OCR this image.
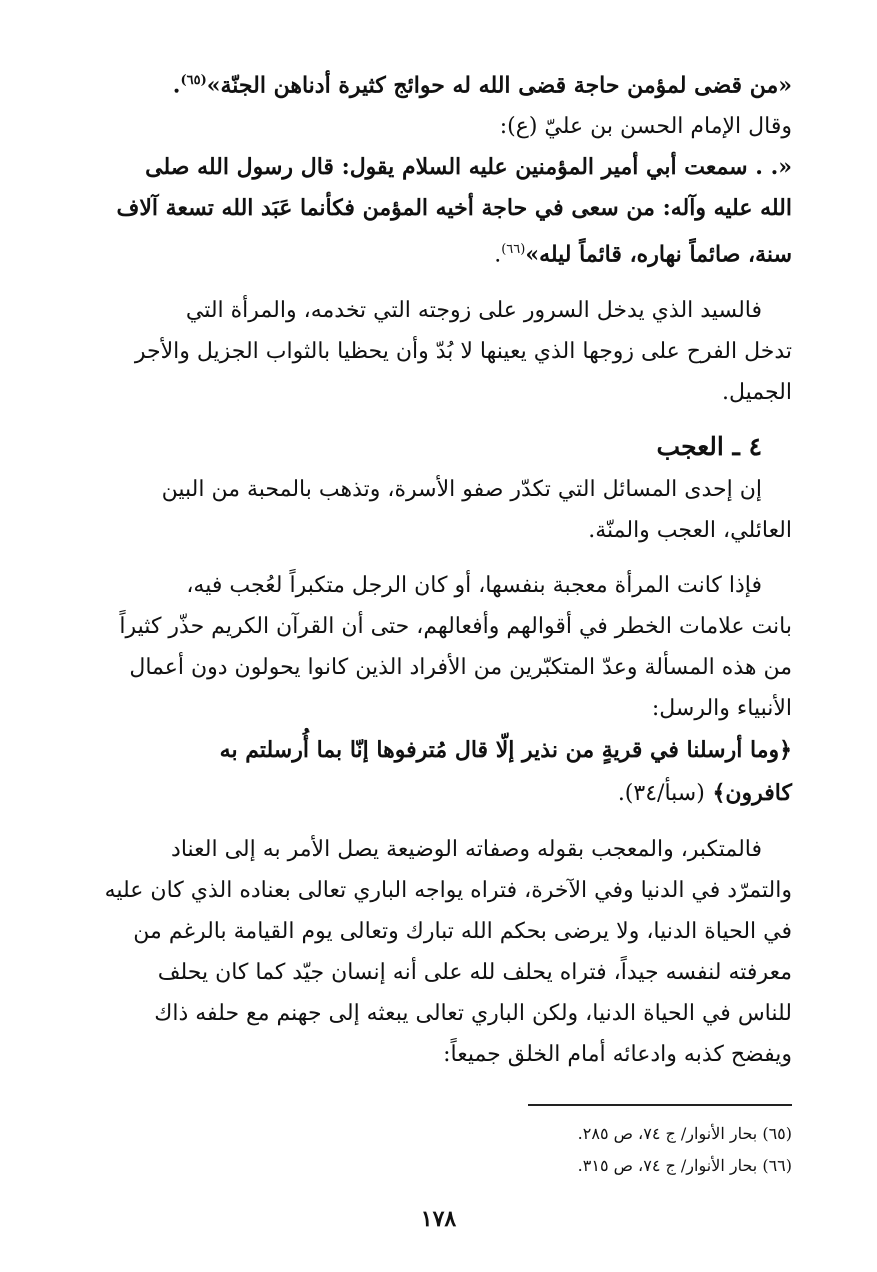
«من قضى لمؤمن حاجة قضى الله له حوائج كثيرة أدناهن الجنّة»$^{(٦٥)}$.
وقال الإمام الحسن بن عليّ (ع):
«. . سمعت أبي أمير المؤمنين عليه السلام يقول: قال رسول الله صلى
الله عليه وآله: من سعى في حاجة أخيه المؤمن فكأنما عَبَد الله تسعة آلاف
سنة، صائماً نهاره، قائماً ليله»$^{(٦٦)}$.
فالسيد الذي يدخل السرور على زوجته التي تخدمه، والمرأة التي
تدخل الفرح على زوجها الذي يعينها لا بُدّ وأن يحظيا بالثواب الجزيل والأجر
الجميل.
٤ ـ العجب
إن إحدى المسائل التي تكدّر صفو الأسرة، وتذهب بالمحبة من البين
العائلي، العجب والمنّة.
فإذا كانت المرأة معجبة بنفسها، أو كان الرجل متكبراً لعُجب فيه،
بانت علامات الخطر في أقوالهم وأفعالهم، حتى أن القرآن الكريم حذّر كثيراً
من هذه المسألة وعدّ المتكبّرين من الأفراد الذين كانوا يحولون دون أعمال
الأنبياء والرسل:
﴿وما أرسلنا في قريةٍ من نذير إلّا قال مُترفوها إنّا بما أُرسلتم به
كافرون﴾ (سبأ/٣٤).
فالمتكبر، والمعجب بقوله وصفاته الوضيعة يصل الأمر به إلى العناد
والتمرّد في الدنيا وفي الآخرة، فتراه يواجه الباري تعالى بعناده الذي كان عليه
في الحياة الدنيا، ولا يرضى بحكم الله تبارك وتعالى يوم القيامة بالرغم من
معرفته لنفسه جيداً، فتراه يحلف لله على أنه إنسان جيّد كما كان يحلف
للناس في الحياة الدنيا، ولكن الباري تعالى يبعثه إلى جهنم مع حلفه ذاك
ويفضح كذبه وادعائه أمام الخلق جميعاً:
(٦٥) بحار الأنوار/ ج ٧٤، ص ٢٨٥.
(٦٦) بحار الأنوار/ ج ٧٤، ص ٣١٥.
١٧٨
